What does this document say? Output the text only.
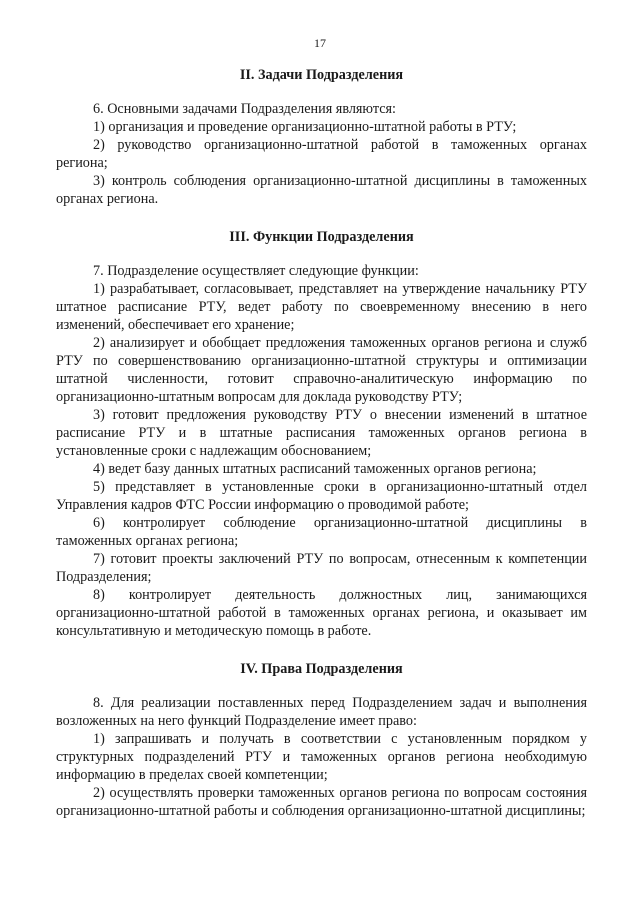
17
II. Задачи Подразделения

6. Основными задачами Подразделения являются:

1) организация и проведение организационно-штатной работы в РТУ;

2) руководство организационно-штатной работой в таможенных органах региона;

3) контроль соблюдения организационно-штатной дисциплины в таможенных органах региона.

III. Функции Подразделения

7. Подразделение осуществляет следующие функции:

1) разрабатывает, согласовывает, представляет на утверждение начальнику РТУ штатное расписание РТУ, ведет работу по своевременному внесению в него изменений, обеспечивает его хранение;

2) анализирует и обобщает предложения таможенных органов региона и служб РТУ по совершенствованию организационно-штатной структуры и оптимизации штатной численности, готовит справочно-аналитическую информацию по организационно-штатным вопросам для доклада руководству РТУ;

3) готовит предложения руководству РТУ о внесении изменений в штатное расписание РТУ и в штатные расписания таможенных органов региона в установленные сроки с надлежащим обоснованием;

4) ведет базу данных штатных расписаний таможенных органов региона;

5) представляет в установленные сроки в организационно-штатный отдел Управления кадров ФТС России информацию о проводимой работе;

6) контролирует соблюдение организационно-штатной дисциплины в таможенных органах региона;

7) готовит проекты заключений РТУ по вопросам, отнесенным к компетенции Подразделения;

8) контролирует деятельность должностных лиц, занимающихся организационно-штатной работой в таможенных органах региона, и оказывает им консультативную и методическую помощь в работе.

IV. Права Подразделения

8. Для реализации поставленных перед Подразделением задач и выполнения возложенных на него функций Подразделение имеет право:

1) запрашивать и получать в соответствии с установленным порядком у структурных подразделений РТУ и таможенных органов региона необходимую информацию в пределах своей компетенции;

2) осуществлять проверки таможенных органов региона по вопросам состояния организационно-штатной работы и соблюдения организационно-штатной дисциплины;
